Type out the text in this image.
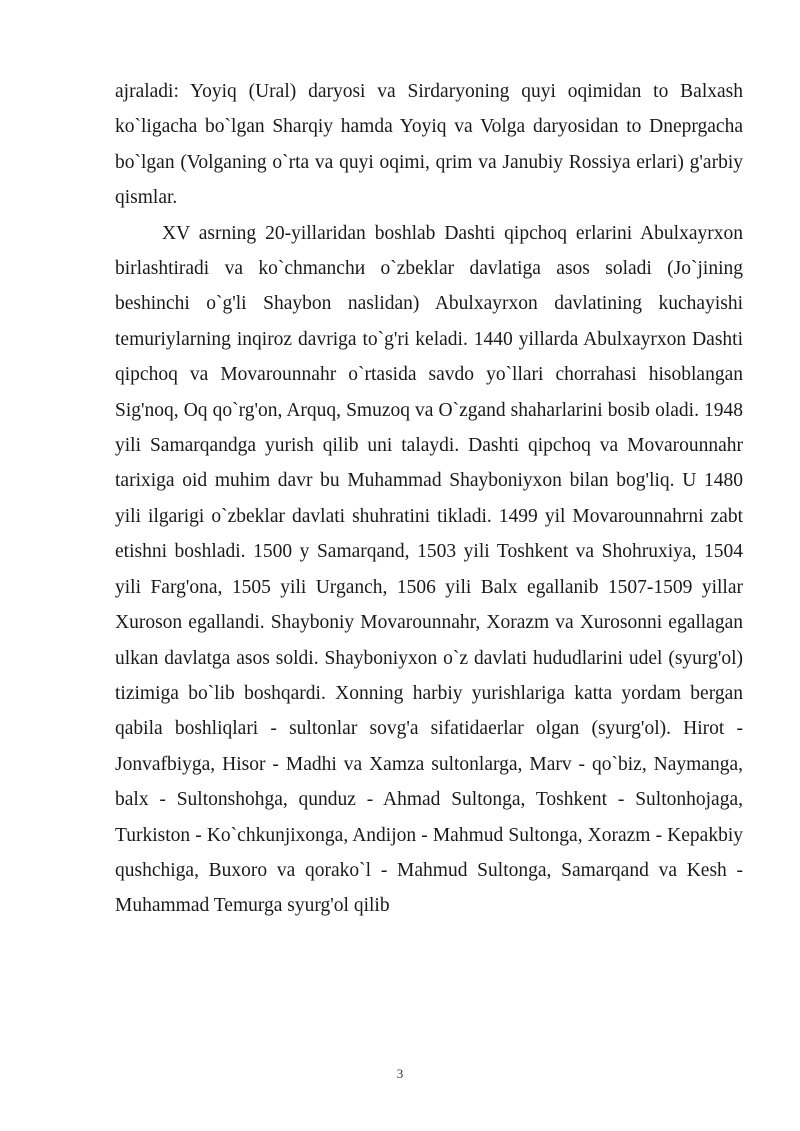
ajraladi: Yoyiq (Ural) daryosi va Sirdaryoning quyi oqimidan to Balxash ko`ligacha bo`lgan Sharqiy hamda Yoyiq va Volga daryosidan to Dneprgacha bo`lgan (Volganing o`rta va quyi oqimi, qrim va Janubiy Rossiya erlari) g'arbiy qismlar.

XV asrning 20-yillaridan boshlab Dashti qipchoq erlarini Abulxayrxon birlashtiradi va ko`chmanchи o`zbeklar davlatiga asos soladi (Jo`jining beshinchi o`g'li Shaybon naslidan) Abulxayrxon davlatining kuchayishi temuriylarning inqiroz davriga to`g'ri keladi. 1440 yillarda Abulxayrxon Dashti qipchoq va Movarounnahr o`rtasida savdo yo`llari chorrahasi hisoblangan Sig'noq, Oq qo`rg'on, Arquq, Smuzoq va O`zgand shaharlarini bosib oladi. 1948 yili Samarqandga yurish qilib uni talaydi. Dashti qipchoq va Movarounnahr tarixiga oid muhim davr bu Muhammad Shayboniyxon bilan bog'liq. U 1480 yili ilgarigi o`zbeklar davlati shuhratini tikladi. 1499 yil Movarounnahrni zabt etishni boshladi. 1500 y Samarqand, 1503 yili Toshkent va Shohruxiya, 1504 yili Farg'ona, 1505 yili Urganch, 1506 yili Balx egallanib 1507-1509 yillar Xuroson egallandi. Shayboniy Movarounnahr, Xorazm va Xurosonni egallagan ulkan davlatga asos soldi. Shayboniyxon o`z davlati hududlarini udel (syurg'ol) tizimiga bo`lib boshqardi. Xonning harbiy yurishlariga katta yordam bergan qabila boshliqlari - sultonlar sovg'a sifatidaerlar olgan (syurg'ol). Hirot - Jonvafbiyga, Hisor - Madhi va Xamza sultonlarga, Marv - qo`biz, Naymanga, balx - Sultonshohga, qunduz - Ahmad Sultonga, Toshkent - Sultonhojaga, Turkiston - Ko`chkunjixonga, Andijon - Mahmud Sultonga, Xorazm - Kepakbiy qushchiga, Buxoro va qorako`l - Mahmud Sultonga, Samarqand va Kesh - Muhammad Temurga syurg'ol qilib

3
